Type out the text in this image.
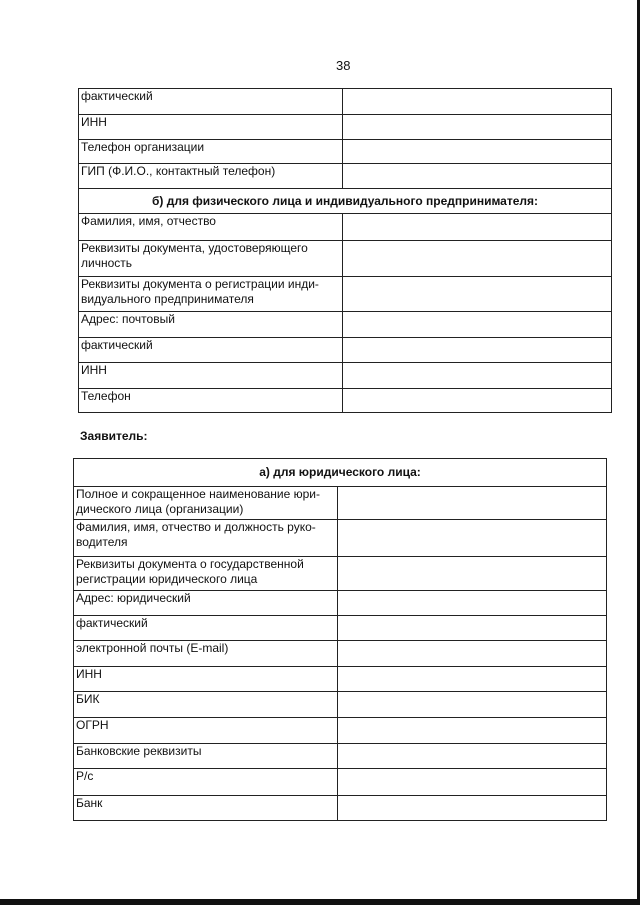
38
фактический	
ИНН	
Телефон организации	
ГИП (Ф.И.О., контактный телефон)	
б) для физического лица и индивидуального предпринимателя:	
Фамилия, имя, отчество	
Реквизиты документа, удостоверяющего личность	
Реквизиты документа о регистрации инди-видуального предпринимателя	
Адрес: почтовый	
фактический	
ИНН	
Телефон	
Заявитель:
а) для юридического лица:	
Полное и сокращенное наименование юри-дического лица (организации)	
Фамилия, имя, отчество и должность руко-водителя	
Реквизиты документа о государственной регистрации юридического лица	
Адрес: юридический	
фактический	
электронной почты (E-mail)	
ИНН	
БИК	
ОГРН	
Банковские реквизиты	
Р/с	
Банк	
